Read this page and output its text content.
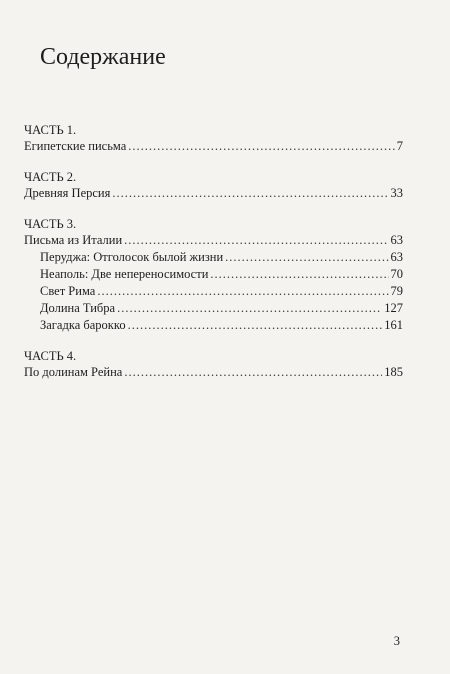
Содержание
ЧАСТЬ 1.
Египетские письма .....	7
ЧАСТЬ 2.
Древняя Персия .....	33
ЧАСТЬ 3.
Письма из Италии .....	63
Перуджа: Отголосок былой жизни .....	63
Неаполь: Две непереносимости .....	70
Свет Рима .....	79
Долина Тибра .....	127
Загадка барокко .....	161
ЧАСТЬ 4.
По долинам Рейна .....	185
3
